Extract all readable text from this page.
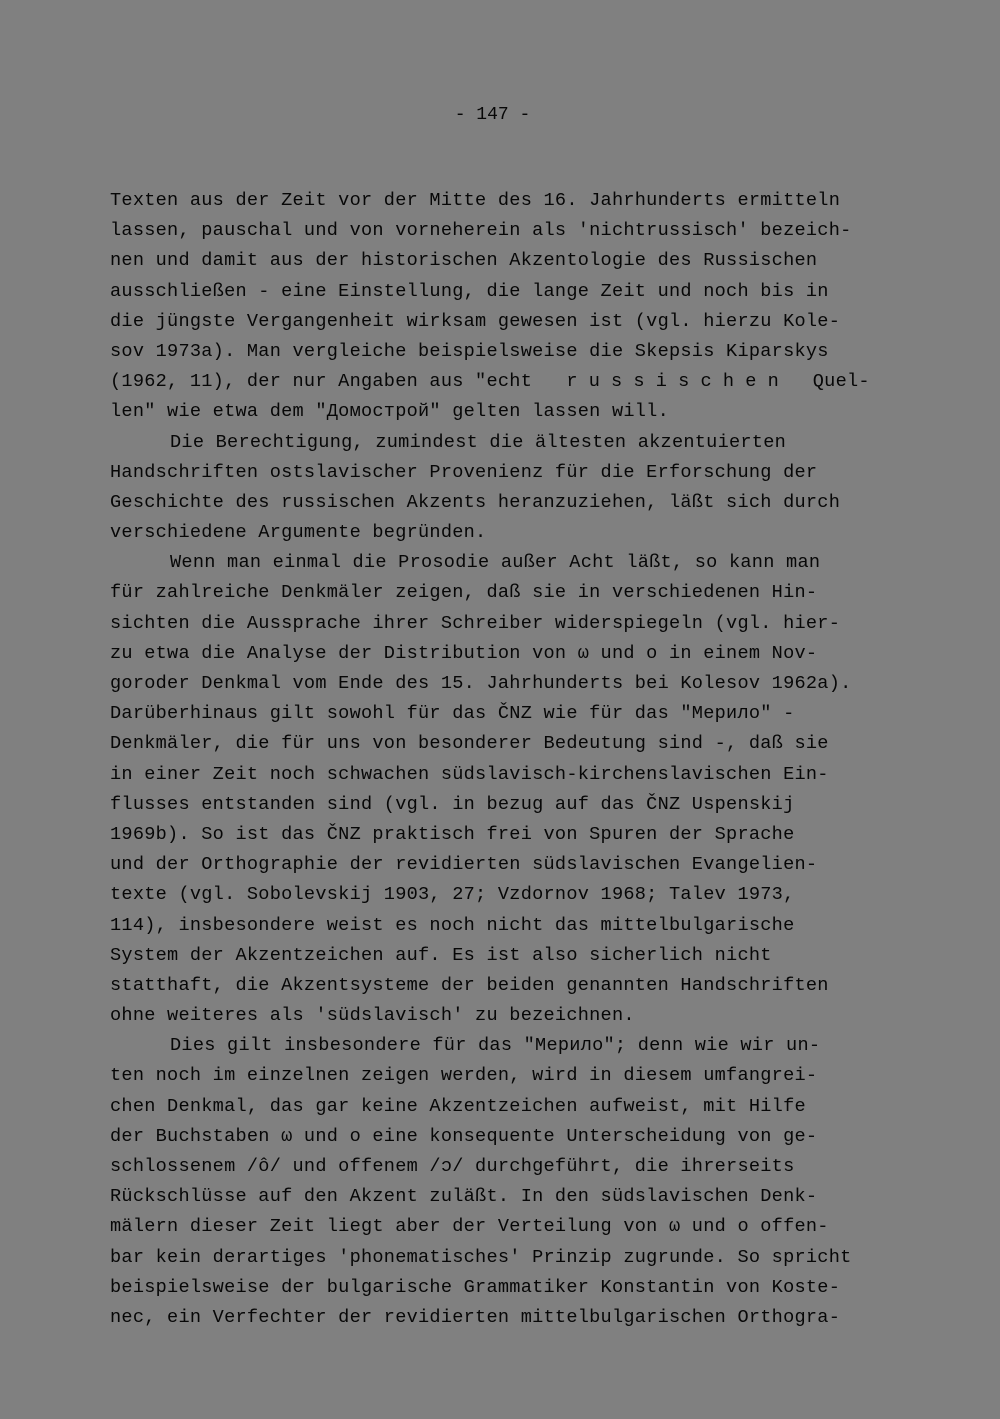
- 147 -
Texten aus der Zeit vor der Mitte des 16. Jahrhunderts ermitteln
lassen, pauschal und von vorneherein als 'nichtrussisch' bezeich-
nen und damit aus der historischen Akzentologie des Russischen
ausschließen - eine Einstellung, die lange Zeit und noch bis in
die jüngste Vergangenheit wirksam gewesen ist (vgl. hierzu Kole-
sov 1973a). Man vergleiche beispielsweise die Skepsis Kiparskys
(1962, 11), der nur Angaben aus "echt russischen Quel-
len" wie etwa dem "Домострой" gelten lassen will.
Die Berechtigung, zumindest die ältesten akzentuierten
Handschriften ostslavischer Provenienz für die Erforschung der
Geschichte des russischen Akzents heranzuziehen, läßt sich durch
verschiedene Argumente begründen.
Wenn man einmal die Prosodie außer Acht läßt, so kann man
für zahlreiche Denkmäler zeigen, daß sie in verschiedenen Hin-
sichten die Aussprache ihrer Schreiber widerspiegeln (vgl. hier-
zu etwa die Analyse der Distribution von ω und o in einem Nov-
goroder Denkmal vom Ende des 15. Jahrhunderts bei Kolesov 1962a).
Darüberhinaus gilt sowohl für das ČNZ wie für das "Мерило" -
Denkmäler, die für uns von besonderer Bedeutung sind -, daß sie
in einer Zeit noch schwachen südslavisch-kirchenslavischen Ein-
flusses entstanden sind (vgl. in bezug auf das ČNZ Uspenskij
1969b). So ist das ČNZ praktisch frei von Spuren der Sprache
und der Orthographie der revidierten südslavischen Evangelien-
texte (vgl. Sobolevskij 1903, 27; Vzdornov 1968; Talev 1973,
114), insbesondere weist es noch nicht das mittelbulgarische
System der Akzentzeichen auf. Es ist also sicherlich nicht
statthaft, die Akzentsysteme der beiden genannten Handschriften
ohne weiteres als 'südslavisch' zu bezeichnen.
Dies gilt insbesondere für das "Мерило"; denn wie wir un-
ten noch im einzelnen zeigen werden, wird in diesem umfangrei-
chen Denkmal, das gar keine Akzentzeichen aufweist, mit Hilfe
der Buchstaben ω und o eine konsequente Unterscheidung von ge-
schlossenem /ô/ und offenem /ɔ/ durchgeführt, die ihrerseits
Rückschlüsse auf den Akzent zuläßt. In den südslavischen Denk-
mälern dieser Zeit liegt aber der Verteilung von ω und o offen-
bar kein derartiges 'phonematisches' Prinzip zugrunde. So spricht
beispielsweise der bulgarische Grammatiker Konstantin von Koste-
nec, ein Verfechter der revidierten mittelbulgarischen Orthogra-
